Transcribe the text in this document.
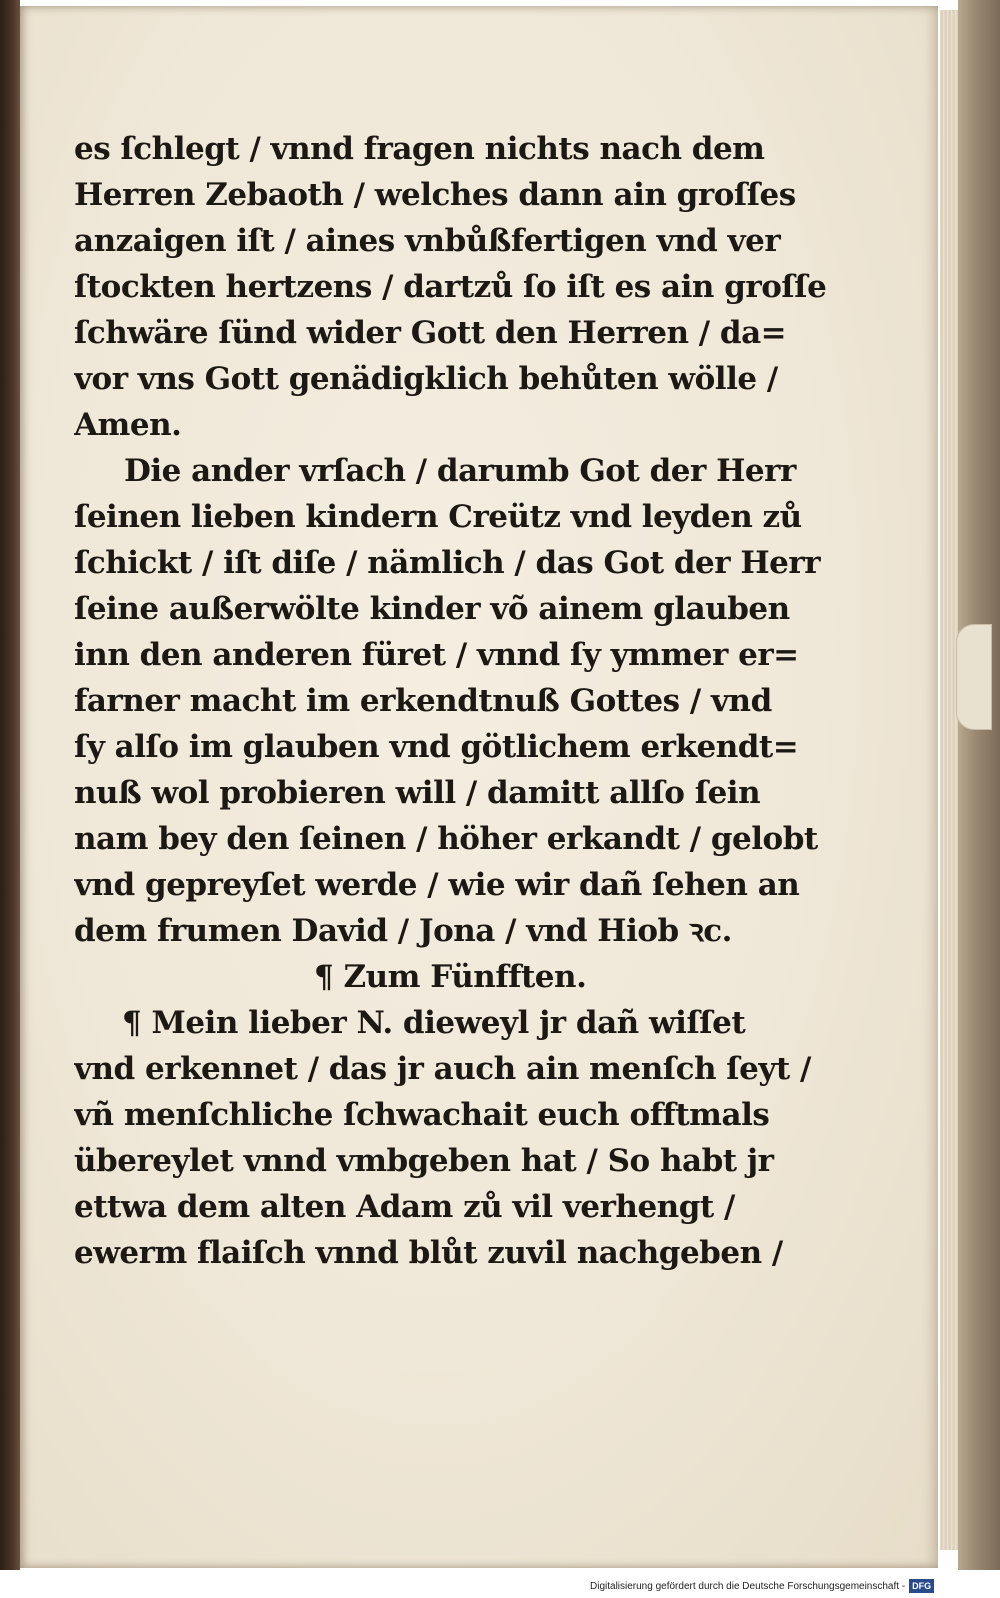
es ſchlegt / vnnd fragen nichts nach dem
Herren Zebaoth / welches dann ain groſſes
anzaigen iſt / aines vnbůßfertigen vnd ver
ſtockten hertzens / dartzů ſo iſt es ain groſſe
ſchwäre ſünd wider Gott den Herren / da=
vor vns Gott genädigklich behůten wölle /
Amen.
Die ander vrſach / darumb Got der Herr
ſeinen lieben kindern Creütz vnd leyden zů
ſchickt / iſt diſe / nämlich / das Got der Herr
ſeine außerwölte kinder võ ainem glauben
inn den anderen füret / vnnd ſy ymmer er=
farner macht im erkendtnuß Gottes / vnd
ſy alſo im glauben vnd götlichem erkendt=
nuß wol probieren will / damitt allſo ſein
nam bey den ſeinen / höher erkandt / gelobt
vnd gepreyſet werde / wie wir dañ ſehen an
dem frumen David / Jona / vnd Hiob ꝛc.
¶ Zum Fünfften.
¶ Mein lieber N. dieweyl jr dañ wiſſet
vnd erkennet / das jr auch ain menſch ſeyt /
vñ menſchliche ſchwachait euch offtmals
übereylet vnnd vmbgeben hat / So habt jr
ettwa dem alten Adam zů vil verhengt /
ewerm flaiſch vnnd blůt zuvil nachgeben /
Digitalisierung gefördert durch die Deutsche Forschungsgemeinschaft - DFG
